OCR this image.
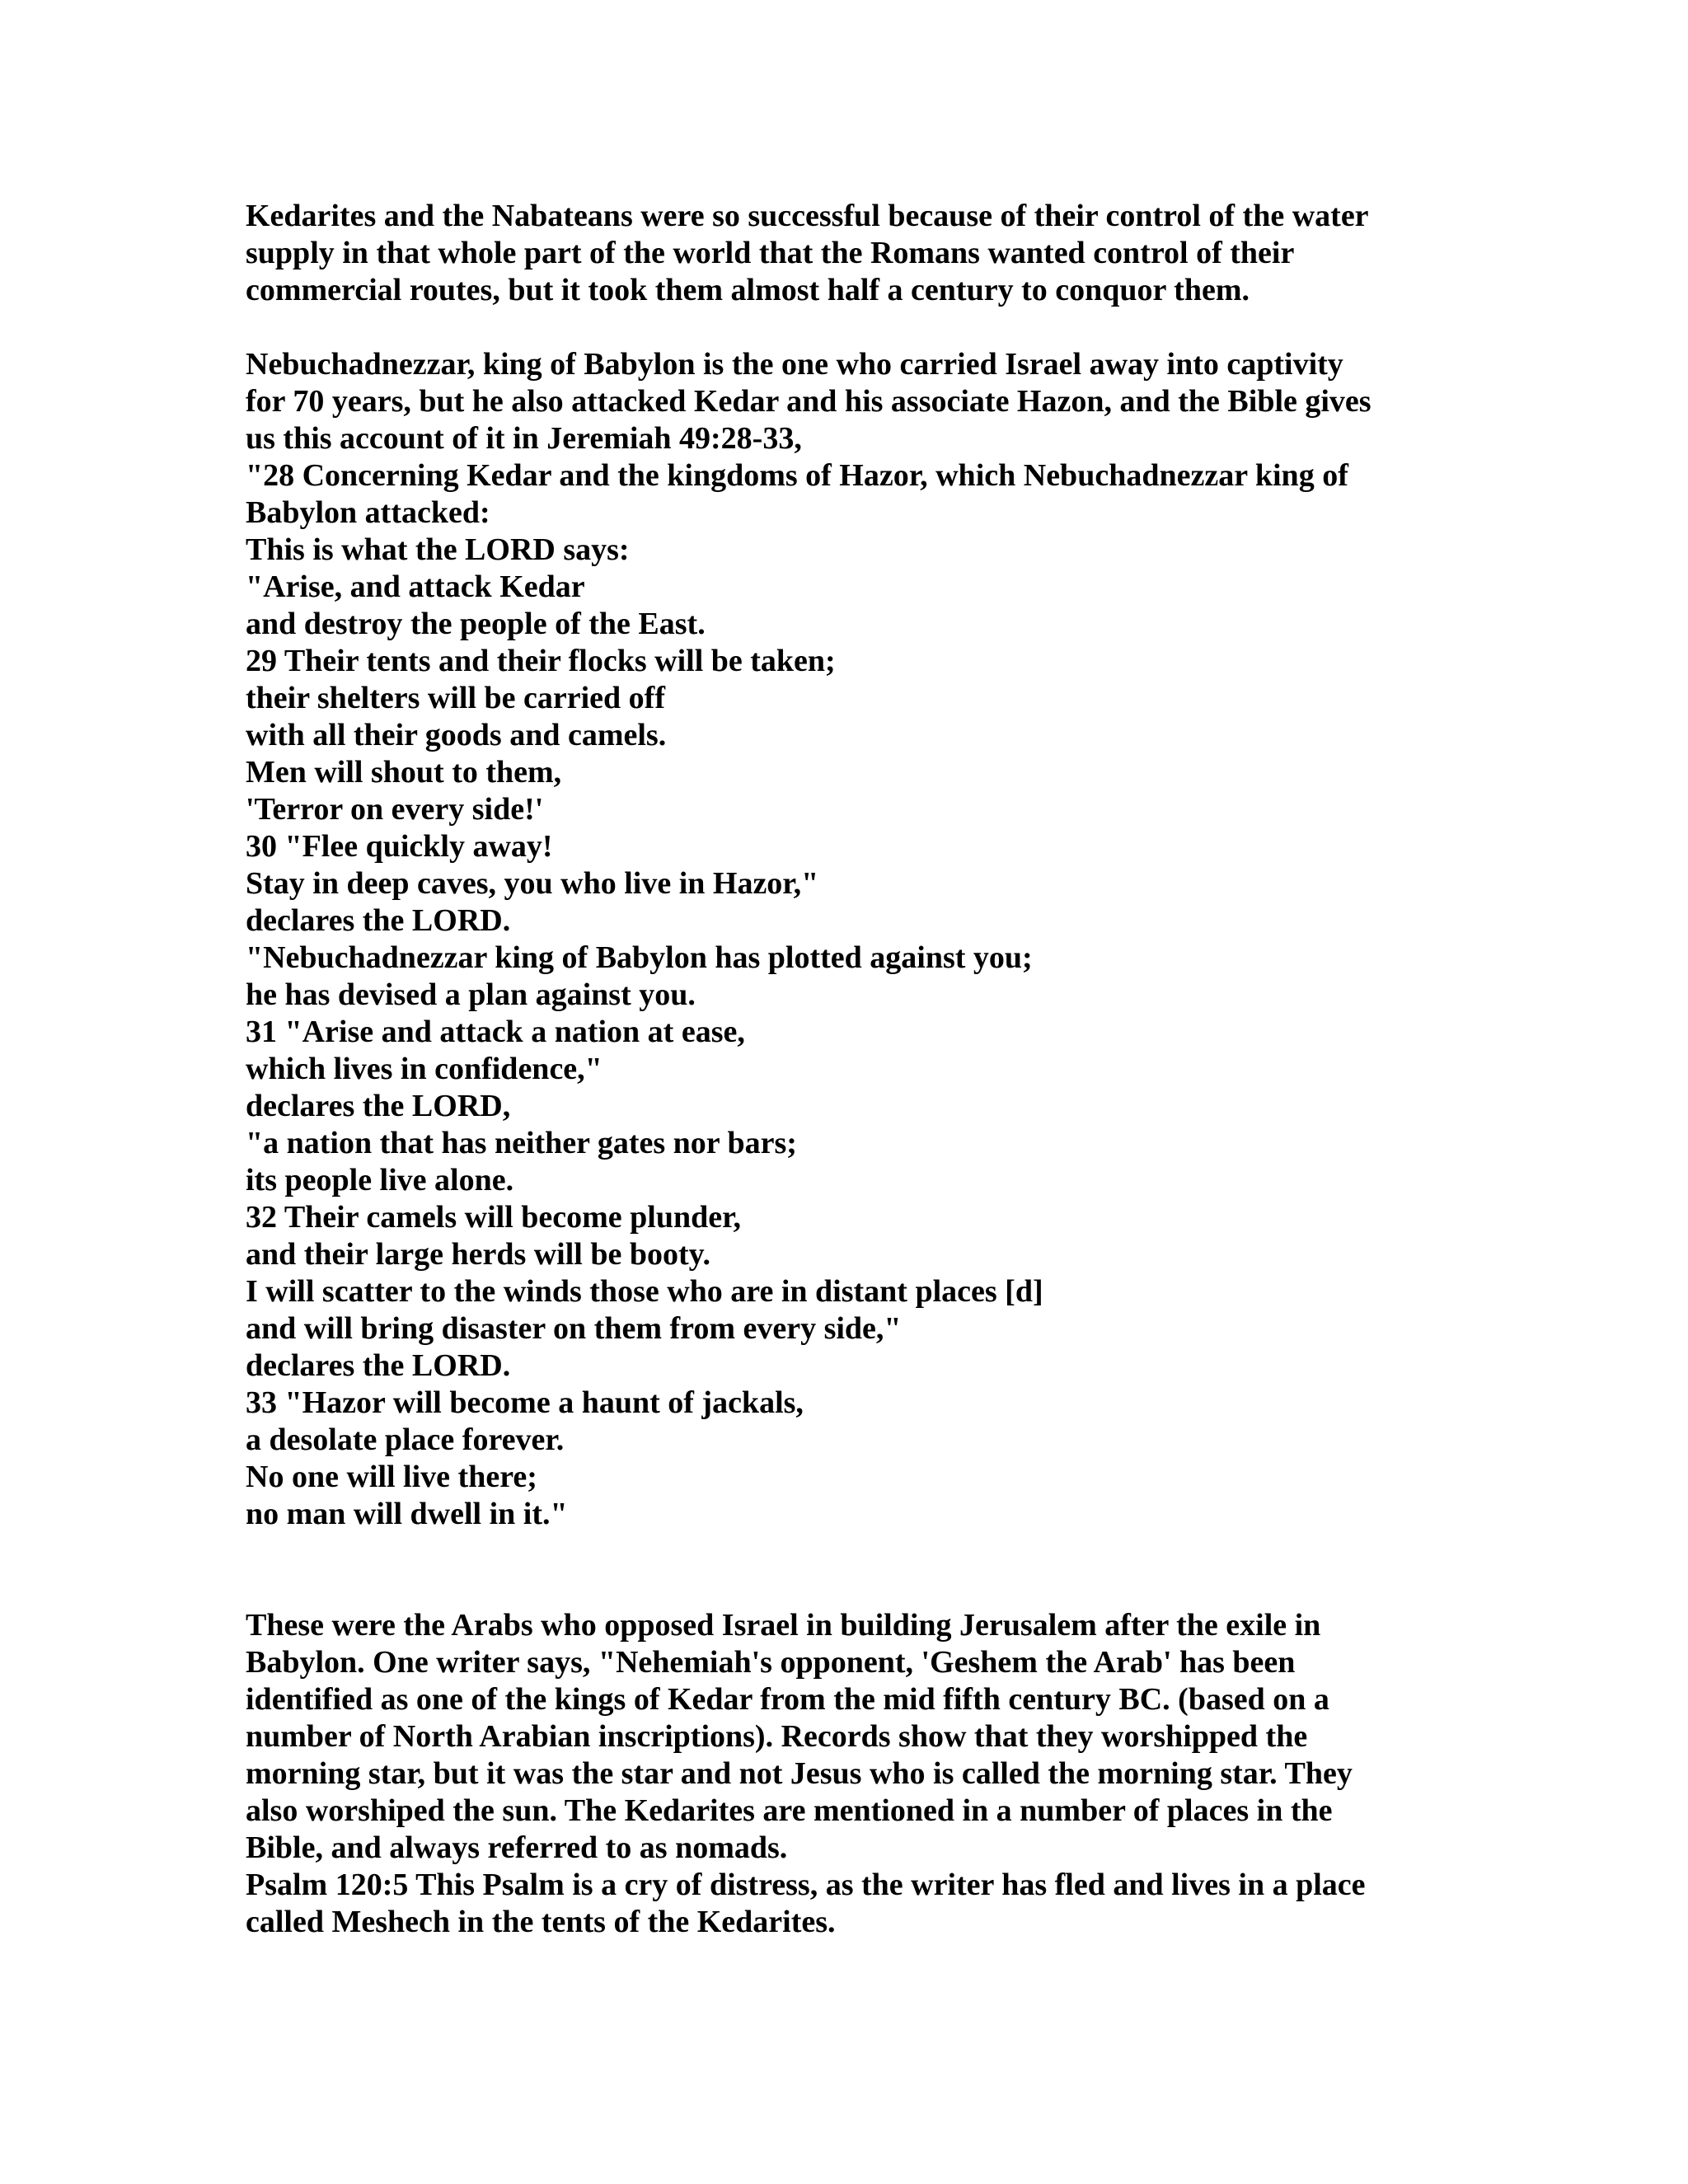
Kedarites and the Nabateans were so successful because of their control of the water
supply in that whole part of the world that the Romans wanted control of their
commercial routes, but it took them almost half a century to conquor them.
Nebuchadnezzar, king of Babylon is the one who carried Israel away into captivity
for 70 years, but he also attacked Kedar and his associate Hazon, and the Bible gives
us this account of it in Jeremiah 49:28-33,
"28 Concerning Kedar and the kingdoms of Hazor, which Nebuchadnezzar king of
Babylon attacked:
This is what the LORD says:
"Arise, and attack Kedar
and destroy the people of the East.
29 Their tents and their flocks will be taken;
their shelters will be carried off
with all their goods and camels.
Men will shout to them,
'Terror on every side!'
30 "Flee quickly away!
Stay in deep caves, you who live in Hazor,"
declares the LORD.
"Nebuchadnezzar king of Babylon has plotted against you;
he has devised a plan against you.
31 "Arise and attack a nation at ease,
which lives in confidence,"
declares the LORD,
"a nation that has neither gates nor bars;
its people live alone.
32 Their camels will become plunder,
and their large herds will be booty.
I will scatter to the winds those who are in distant places [d]
and will bring disaster on them from every side,"
declares the LORD.
33 "Hazor will become a haunt of jackals,
a desolate place forever.
No one will live there;
no man will dwell in it."
These were the Arabs who opposed Israel in building Jerusalem after the exile in
Babylon. One writer says, "Nehemiah's opponent, 'Geshem the Arab' has been
identified as one of the kings of Kedar from the mid fifth century BC. (based on a
number of North Arabian inscriptions). Records show that they worshipped the
morning star, but it was the star and not Jesus who is called the morning star. They
also worshiped the sun. The Kedarites are mentioned in a number of places in the
Bible, and always referred to as nomads.
Psalm 120:5 This Psalm is a cry of distress, as the writer has fled and lives in a place
called Meshech in the tents of the Kedarites.
